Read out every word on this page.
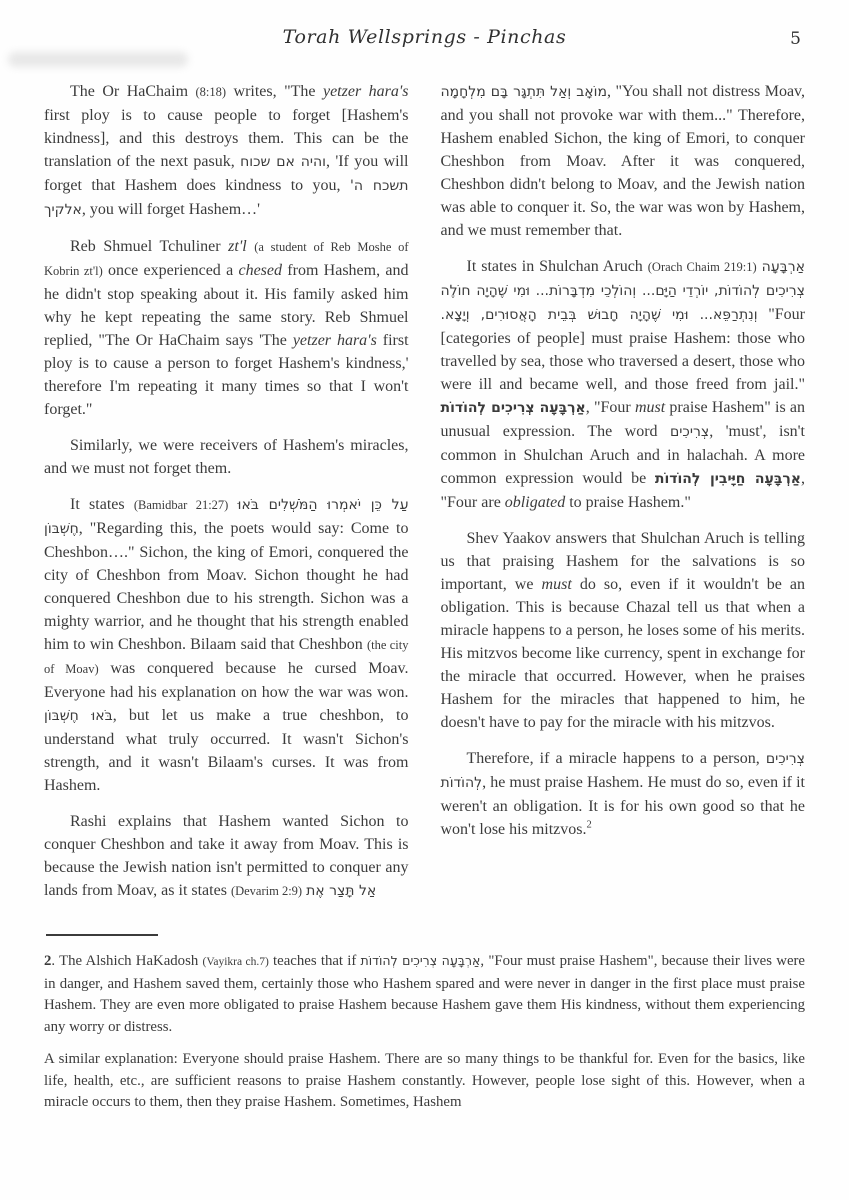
Torah Wellsprings - Pinchas	5

The Or HaChaim (8:18) writes, "The yetzer hara's first ploy is to cause people to forget [Hashem's kindness], and this destroys them. This can be the translation of the next pasuk, והיה אם שכוח, 'If you will forget that Hashem does kindness to you, תשכח ה' אלקיך, you will forget Hashem…'

Reb Shmuel Tchuliner zt'l (a student of Reb Moshe of Kobrin zt'l) once experienced a chesed from Hashem, and he didn't stop speaking about it. His family asked him why he kept repeating the same story. Reb Shmuel replied, "The Or HaChaim says 'The yetzer hara's first ploy is to cause a person to forget Hashem's kindness,' therefore I'm repeating it many times so that I won't forget."

Similarly, we were receivers of Hashem's miracles, and we must not forget them.

It states (Bamidbar 21:27) עַל כֵּן יֹאמְרוּ הַמֹּשְׁלִים בֹּאוּ חֶשְׁבּוֹן, "Regarding this, the poets would say: Come to Cheshbon…." Sichon, the king of Emori, conquered the city of Cheshbon from Moav. Sichon thought he had conquered Cheshbon due to his strength. Sichon was a mighty warrior, and he thought that his strength enabled him to win Cheshbon. Bilaam said that Cheshbon (the city of Moav) was conquered because he cursed Moav. Everyone had his explanation on how the war was won. בֹּאוּ חֶשְׁבּוֹן, but let us make a true cheshbon, to understand what truly occurred. It wasn't Sichon's strength, and it wasn't Bilaam's curses. It was from Hashem.

Rashi explains that Hashem wanted Sichon to conquer Cheshbon and take it away from Moav. This is because the Jewish nation isn't permitted to conquer any lands from Moav, as it states (Devarim 2:9) אַל תָּצַר אֶת

מוֹאָב וְאַל תִּתְגָּר בָּם מִלְחָמָה, "You shall not distress Moav, and you shall not provoke war with them..." Therefore, Hashem enabled Sichon, the king of Emori, to conquer Cheshbon from Moav. After it was conquered, Cheshbon didn't belong to Moav, and the Jewish nation was able to conquer it. So, the war was won by Hashem, and we must remember that.

It states in Shulchan Aruch (Orach Chaim 219:1) אַרְבָּעָה צְרִיכִים לְהוֹדוֹת, יוֹרְדֵי הַיָּם... וְהוֹלְכֵי מִדְבָּרוֹת... וּמִי שֶׁהָיָה חוֹלֶה וְנִתְרַפֵּא... וּמִי שֶׁהָיָה חָבוּשׁ בְּבֵית הָאֲסוּרִים, וְיָצָא. "Four [categories of people] must praise Hashem: those who travelled by sea, those who traversed a desert, those who were ill and became well, and those freed from jail." אַרְבָּעָה צְרִיכִים לְהוֹדוֹת, "Four must praise Hashem" is an unusual expression. The word צְרִיכִים, 'must', isn't common in Shulchan Aruch and in halachah. A more common expression would be אַרְבָּעָה חַיָּיבִין לְהוֹדוֹת, "Four are obligated to praise Hashem."

Shev Yaakov answers that Shulchan Aruch is telling us that praising Hashem for the salvations is so important, we must do so, even if it wouldn't be an obligation. This is because Chazal tell us that when a miracle happens to a person, he loses some of his merits. His mitzvos become like currency, spent in exchange for the miracle that occurred. However, when he praises Hashem for the miracles that happened to him, he doesn't have to pay for the miracle with his mitzvos.

Therefore, if a miracle happens to a person, צְרִיכִים לְהוֹדוֹת, he must praise Hashem. He must do so, even if it weren't an obligation. It is for his own good so that he won't lose his mitzvos.$^2$

2. The Alshich HaKadosh (Vayikra ch.7) teaches that if אַרְבָּעָה צְרִיכִים לְהוֹדוֹת, "Four must praise Hashem", because their lives were in danger, and Hashem saved them, certainly those who Hashem spared and were never in danger in the first place must praise Hashem. They are even more obligated to praise Hashem because Hashem gave them His kindness, without them experiencing any worry or distress.

A similar explanation: Everyone should praise Hashem. There are so many things to be thankful for. Even for the basics, like life, health, etc., are sufficient reasons to praise Hashem constantly. However, people lose sight of this. However, when a miracle occurs to them, then they praise Hashem. Sometimes, Hashem
